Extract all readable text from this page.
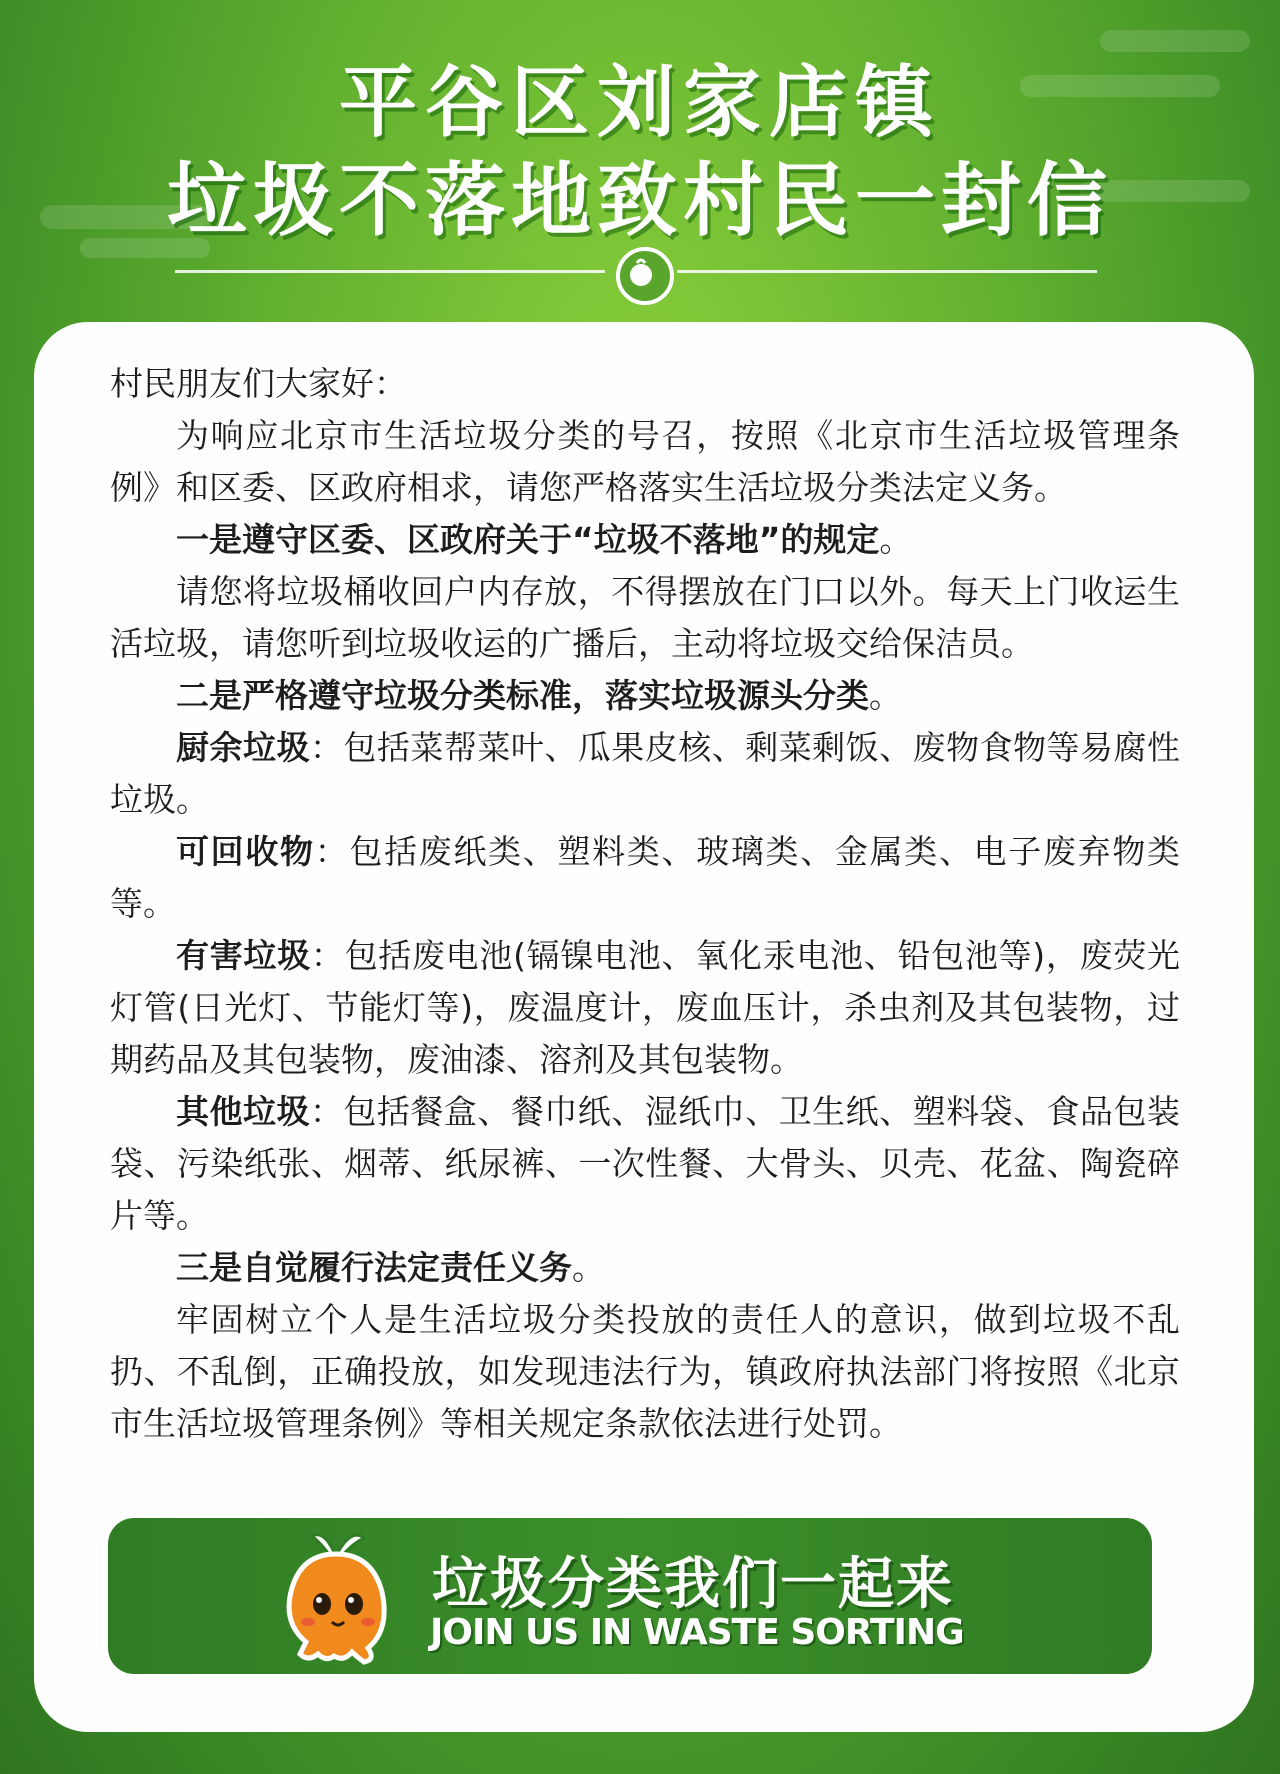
平谷区刘家店镇
垃圾不落地致村民一封信

村民朋友们大家好：

为响应北京市生活垃圾分类的号召，按照《北京市生活垃圾管理条例》和区委、区政府相求，请您严格落实生活垃圾分类法定义务。

一是遵守区委、区政府关于“垃圾不落地”的规定。

请您将垃圾桶收回户内存放，不得摆放在门口以外。每天上门收运生活垃圾，请您听到垃圾收运的广播后，主动将垃圾交给保洁员。

二是严格遵守垃圾分类标准，落实垃圾源头分类。

厨余垃圾：包括菜帮菜叶、瓜果皮核、剩菜剩饭、废物食物等易腐性垃圾。

可回收物：包括废纸类、塑料类、玻璃类、金属类、电子废弃物类等。

有害垃圾：包括废电池(镉镍电池、氧化汞电池、铅包池等)，废荧光灯管(日光灯、节能灯等)，废温度计，废血压计，杀虫剂及其包装物，过期药品及其包装物，废油漆、溶剂及其包装物。

其他垃圾：包括餐盒、餐巾纸、湿纸巾、卫生纸、塑料袋、食品包装袋、污染纸张、烟蒂、纸尿裤、一次性餐、大骨头、贝壳、花盆、陶瓷碎片等。

三是自觉履行法定责任义务。

牢固树立个人是生活垃圾分类投放的责任人的意识，做到垃圾不乱扔、不乱倒，正确投放，如发现违法行为，镇政府执法部门将按照《北京市生活垃圾管理条例》等相关规定条款依法进行处罚。

垃圾分类我们一起来
JOIN US IN WASTE SORTING
